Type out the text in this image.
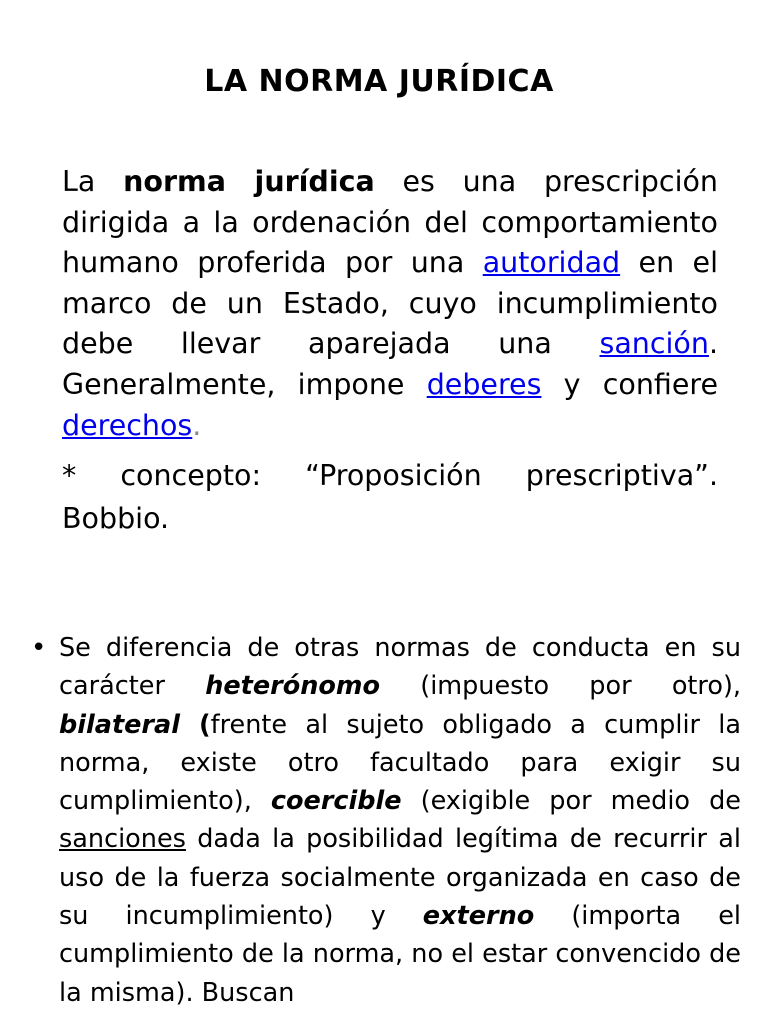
LA NORMA JURÍDICA

La norma jurídica es una prescripción dirigida a la ordenación del comportamiento humano proferida por una autoridad en el marco de un Estado, cuyo incumplimiento debe llevar aparejada una sanción. Generalmente, impone deberes y confiere derechos.

* concepto: “Proposición prescriptiva”. Bobbio.

• Se diferencia de otras normas de conducta en su carácter heterónomo (impuesto por otro), bilateral (frente al sujeto obligado a cumplir la norma, existe otro facultado para exigir su cumplimiento), coercible (exigible por medio de sanciones dada la posibilidad legítima de recurrir al uso de la fuerza socialmente organizada en caso de su incumplimiento) y externo (importa el cumplimiento de la norma, no el estar convencido de la misma). Buscan
